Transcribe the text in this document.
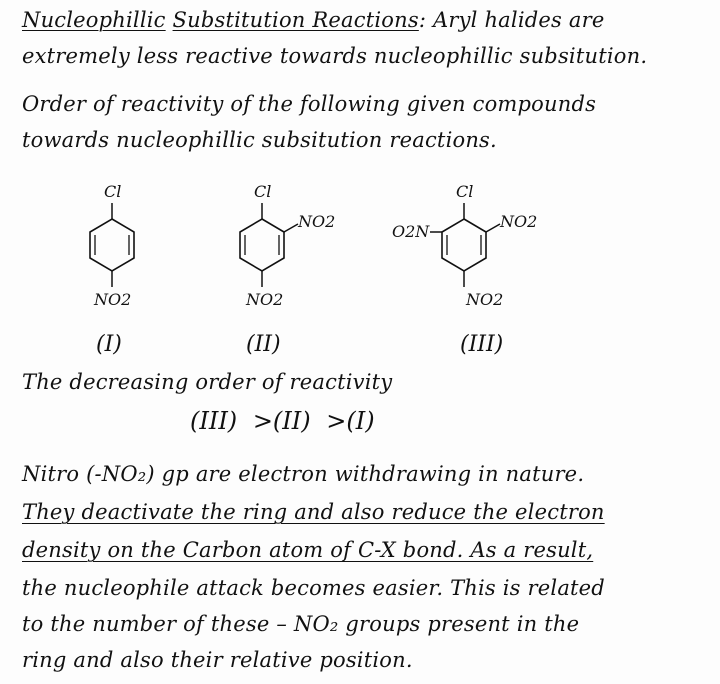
Nucleophillic Substitution Reactions: Aryl halides are
extremely less reactive towards nucleophillic subsitution.
Order of reactivity of the following given compounds
towards nucleophillic subsitution reactions.
Cl
NO2
(I)
Cl
NO2
NO2
(II)
Cl
NO2
O2N
NO2
(III)
The decreasing order of reactivity
(III) >(II) >(I)
Nitro (-NO₂) gp are electron withdrawing in nature.
They deactivate the ring and also reduce the electron
density on the Carbon atom of C-X bond. As a result,
the nucleophile attack becomes easier. This is related
to the number of these – NO₂ groups present in the
ring and also their relative position.
